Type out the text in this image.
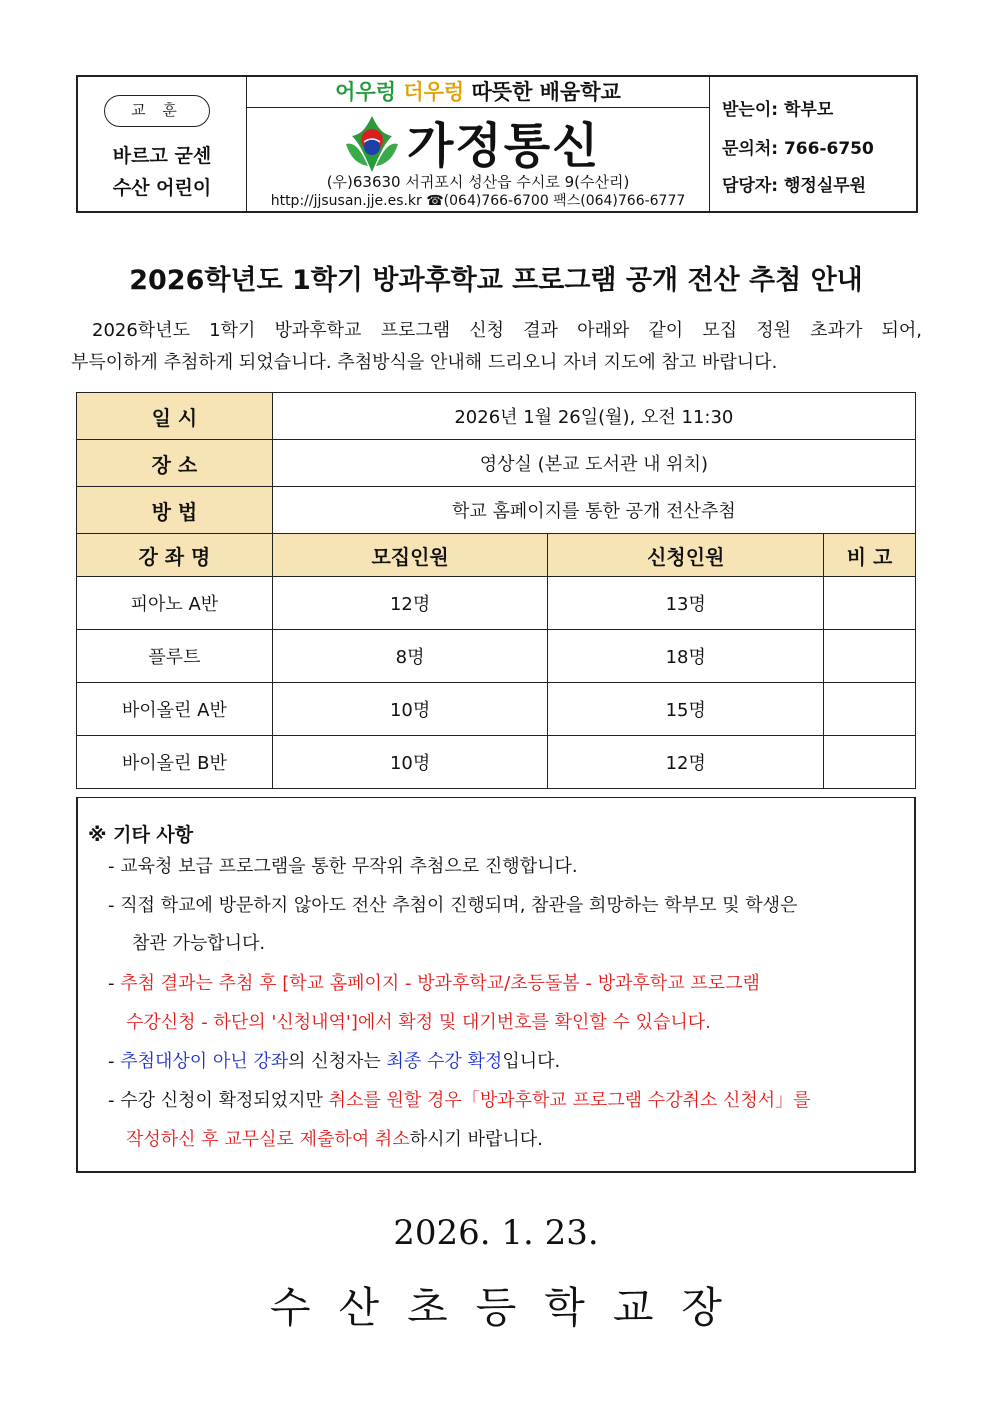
교 훈
바르고 굳센
수산 어린이
어우렁 더우렁 따뜻한 배움학교
가정통신
(우)63630 서귀포시 성산읍 수시로 9(수산리)
http://jjsusan.jje.es.kr ☎(064)766-6700 팩스(064)766-6777
받는이: 학부모
문의처: 766-6750
담당자: 행정실무원
2026학년도 1학기 방과후학교 프로그램 공개 전산 추첨 안내
2026학년도 1학기 방과후학교 프로그램 신청 결과 아래와 같이 모집 정원 초과가 되어,
부득이하게 추첨하게 되었습니다. 추첨방식을 안내해 드리오니 자녀 지도에 참고 바랍니다.
일 시	2026년 1월 26일(월), 오전 11:30		
장 소	영상실 (본교 도서관 내 위치)		
방 법	학교 홈페이지를 통한 공개 전산추첨		
강 좌 명	모집인원	신청인원	비 고
피아노 A반	12명	13명	
플루트	8명	18명	
바이올린 A반	10명	15명	
바이올린 B반	10명	12명	
※ 기타 사항
- 교육청 보급 프로그램을 통한 무작위 추첨으로 진행합니다.
- 직접 학교에 방문하지 않아도 전산 추첨이 진행되며, 참관을 희망하는 학부모 및 학생은
참관 가능합니다.
- 추첨 결과는 추첨 후 [학교 홈페이지 - 방과후학교/초등돌봄 - 방과후학교 프로그램
수강신청 - 하단의 '신청내역']에서 확정 및 대기번호를 확인할 수 있습니다.
- 추첨대상이 아닌 강좌의 신청자는 최종 수강 확정입니다.
- 수강 신청이 확정되었지만 취소를 원할 경우「방과후학교 프로그램 수강취소 신청서」를
작성하신 후 교무실로 제출하여 취소하시기 바랍니다.
2026. 1. 23.
수산초등학교장
